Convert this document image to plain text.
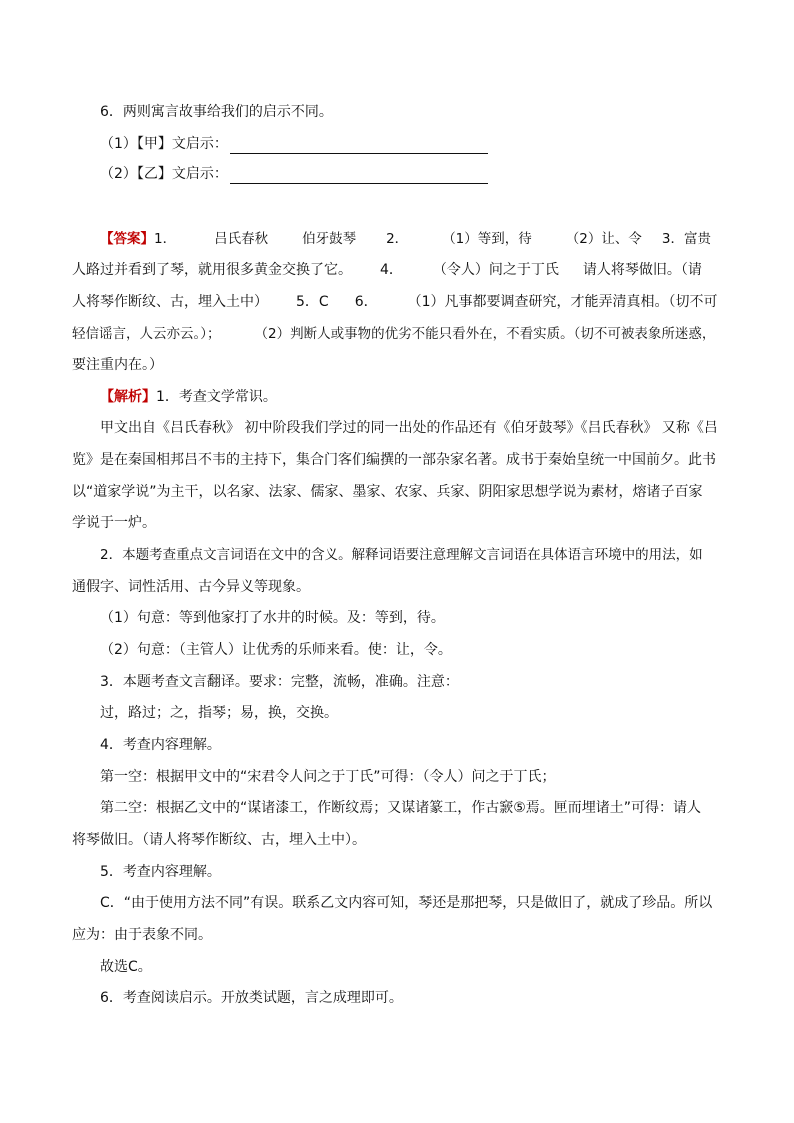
6．两则寓言故事给我们的启示不同。
（1）【甲】文启示：
（2）【乙】文启示：
【答案】1．	吕氏春秋	伯牙鼓琴 2．	（1）等到，待	（2）让、令 3．富贵
人路过并看到了琴，就用很多黄金交换了它。 4． （令人）问之于丁氏 请人将琴做旧。（请
人将琴作断纹、古，埋入土中） 5．C 6． （1）凡事都要调查研究，才能弄清真相。（切不可
轻信谣言，人云亦云。）；	（2）判断人或事物的优劣不能只看外在，不看实质。（切不可被表象所迷惑，
要注重内在。）
【解析】1．考查文学常识。
甲文出自《吕氏春秋》 初中阶段我们学过的同一出处的作品还有《伯牙鼓琴》《吕氏春秋》 又称《吕
览》是在秦国相邦吕不韦的主持下，集合门客们编撰的一部杂家名著。成书于秦始皇统一中国前夕。此书
以“道家学说”为主干，以名家、法家、儒家、墨家、农家、兵家、阴阳家思想学说为素材，熔诸子百家
学说于一炉。
2．本题考查重点文言词语在文中的含义。解释词语要注意理解文言词语在具体语言环境中的用法，如
通假字、词性活用、古今异义等现象。
（1）句意：等到他家打了水井的时候。及：等到，待。
（2）句意：（主管人）让优秀的乐师来看。使：让，令。
3．本题考查文言翻译。要求：完整，流畅，准确。注意：
过，路过；之，指琴；易，换，交换。
4．考查内容理解。
第一空：根据甲文中的“宋君令人问之于丁氏”可得：（令人）问之于丁氏；
第二空：根据乙文中的“谋诸漆工，作断纹焉；又谋诸篆工，作古窾⑤焉。匣而埋诸土”可得：请人
将琴做旧。（请人将琴作断纹、古，埋入土中）。
5．考查内容理解。
C．“由于使用方法不同”有误。联系乙文内容可知，琴还是那把琴，只是做旧了，就成了珍品。所以
应为：由于表象不同。
故选C。
6．考查阅读启示。开放类试题，言之成理即可。
